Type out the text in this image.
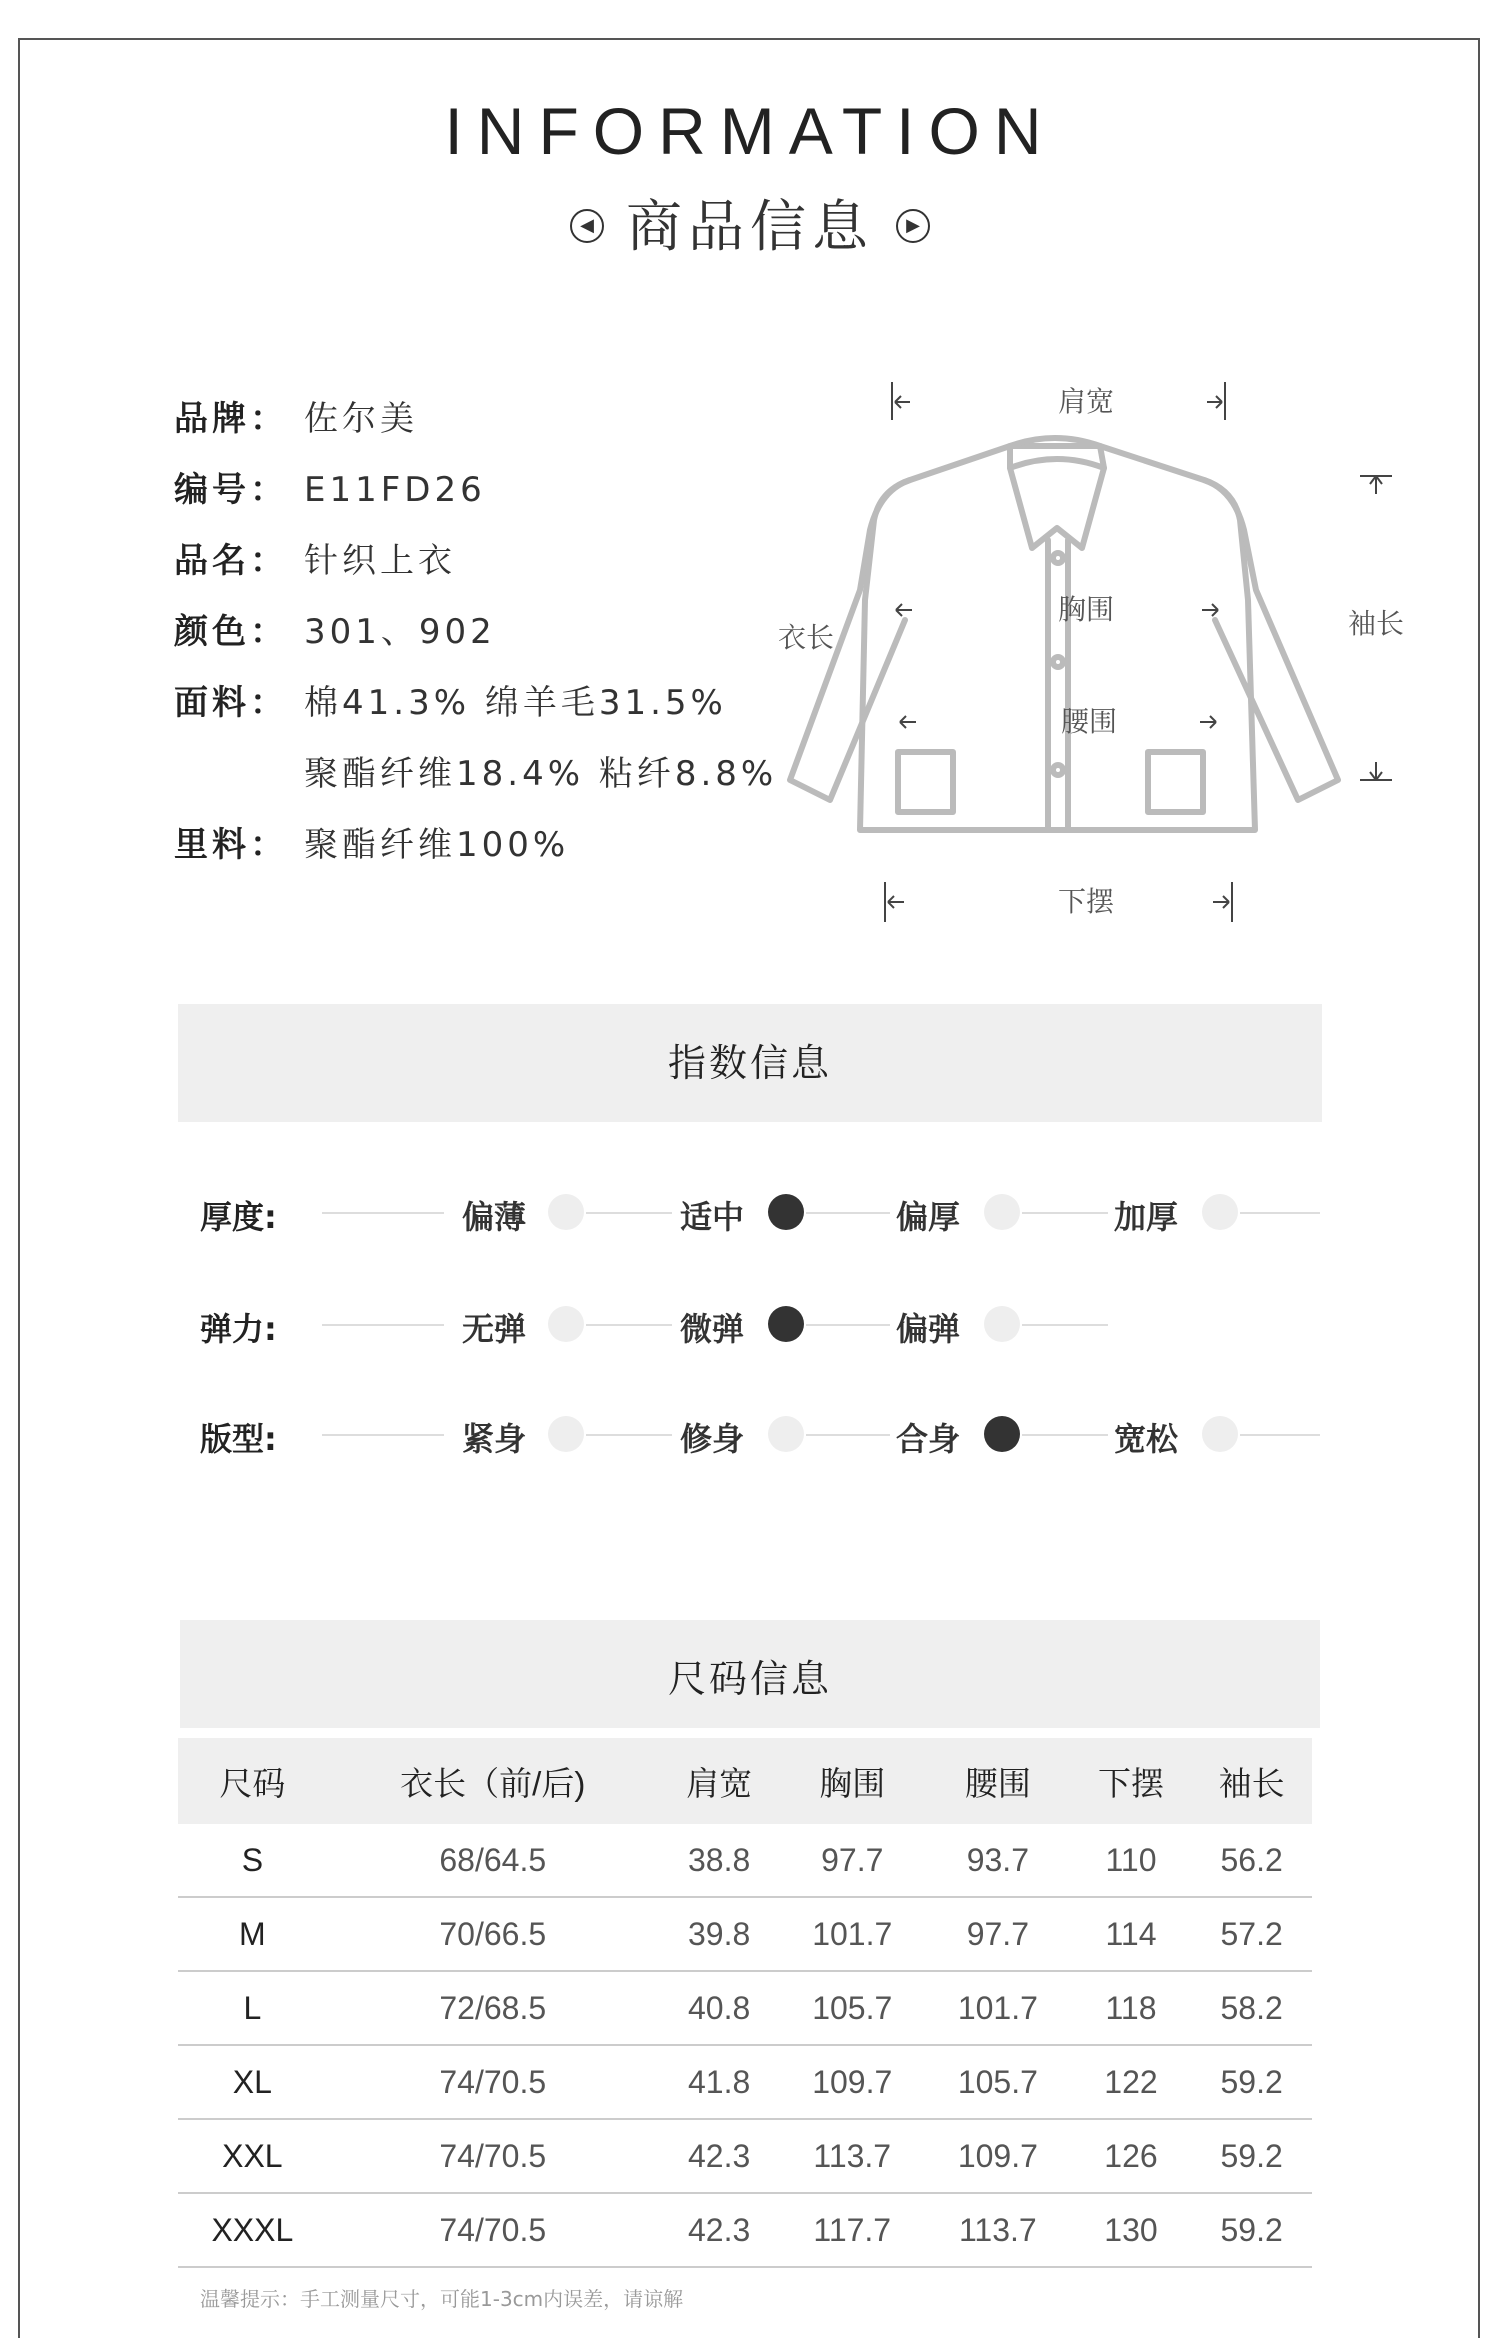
INFORMATION
◀ 商品信息 ▶
品牌： 佐尔美
编号： E11FD26
品名： 针织上衣
颜色： 301、902
面料： 棉41.3% 绵羊毛31.5%
聚酯纤维18.4% 粘纤8.8%
里料： 聚酯纤维100%
肩宽
胸围
腰围
下摆
衣长	袖长
指数信息
厚度:	偏薄	适中	偏厚	加厚
弹力:	无弹	微弹	偏弹
版型:	紧身	修身	合身	宽松
尺码信息
尺码	衣长（前/后)	肩宽	胸围	腰围	下摆	袖长
S	68/64.5	38.8	97.7	93.7	110	56.2
M	70/66.5	39.8	101.7	97.7	114	57.2
L	72/68.5	40.8	105.7	101.7	118	58.2
XL	74/70.5	41.8	109.7	105.7	122	59.2
XXL	74/70.5	42.3	113.7	109.7	126	59.2
XXXL	74/70.5	42.3	117.7	113.7	130	59.2
温馨提示：手工测量尺寸，可能1-3cm内误差，请谅解
